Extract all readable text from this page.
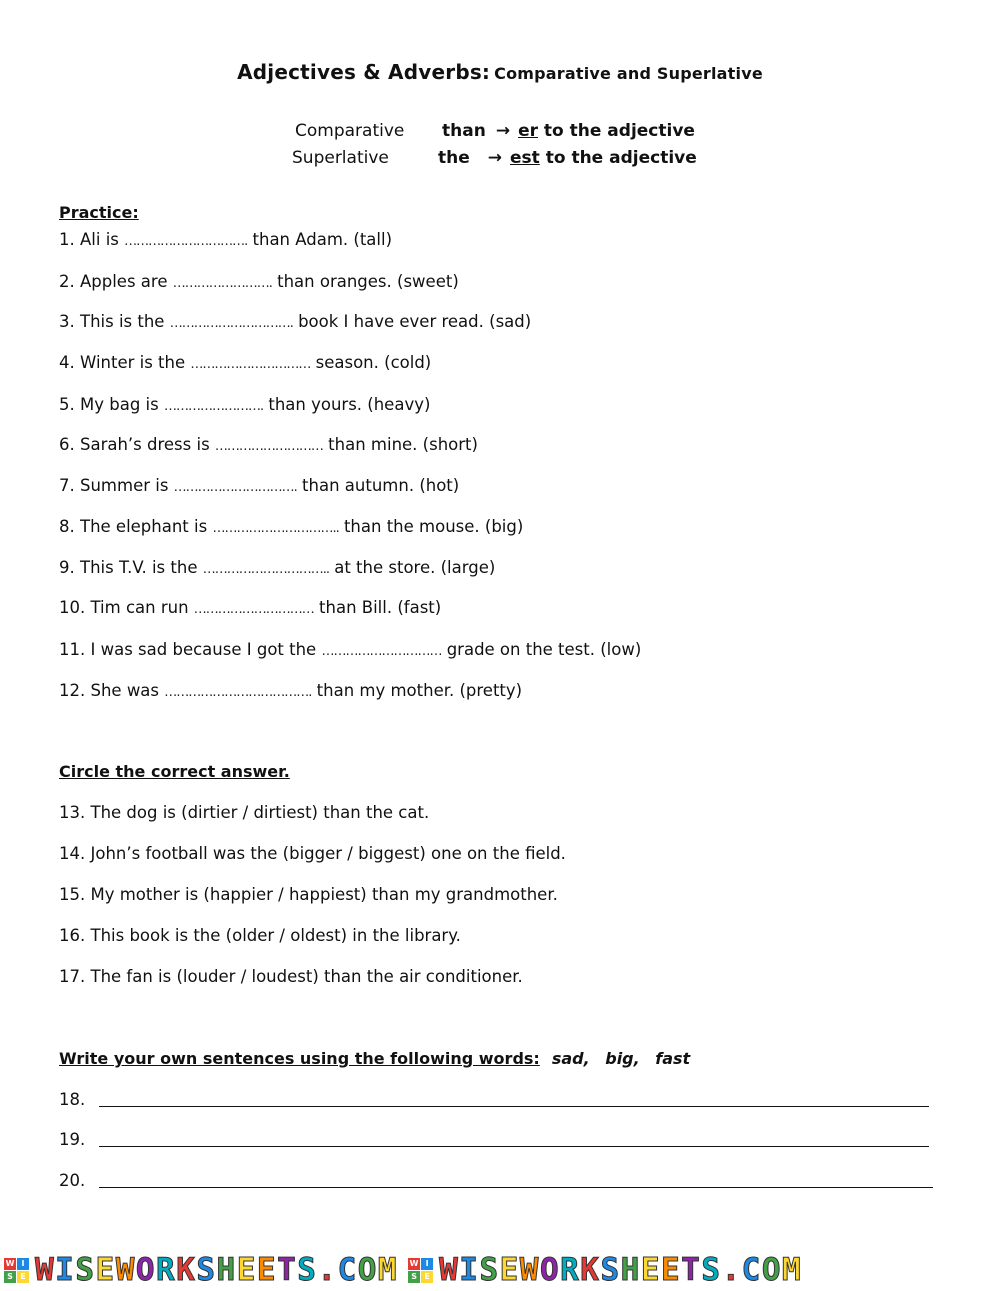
Adjectives & Adverbs: Comparative and Superlative
Comparative than → er to the adjective
Superlative	the → est to the adjective
Practice:
1. Ali is …………………………. than Adam. (tall)
2. Apples are ……………………. than oranges. (sweet)
3. This is the …………………………. book I have ever read. (sad)
4. Winter is the ………………………… season. (cold)
5. My bag is ……………………. than yours. (heavy)
6. Sarah’s dress is ……………………… than mine. (short)
7. Summer is …………………………. than autumn. (hot)
8. The elephant is ………………………….. than the mouse. (big)
9. This T.V. is the ………………………….. at the store. (large)
10. Tim can run ………………………… than Bill. (fast)
11. I was sad because I got the ………………………… grade on the test. (low)
12. She was ………………………………. than my mother. (pretty)
Circle the correct answer.
13. The dog is (dirtier / dirtiest) than the cat.
14. John’s football was the (bigger / biggest) one on the field.
15. My mother is (happier / happiest) than my grandmother.
16. This book is the (older / oldest) in the library.
17. The fan is (louder / loudest) than the air conditioner.
Write your own sentences using the following words: sad, big, fast
18.
19.
20.
W I
S E W I S E W O R K S H E E T S . C O M W I
S E W I S E W O R K S H E E T S . C O M
